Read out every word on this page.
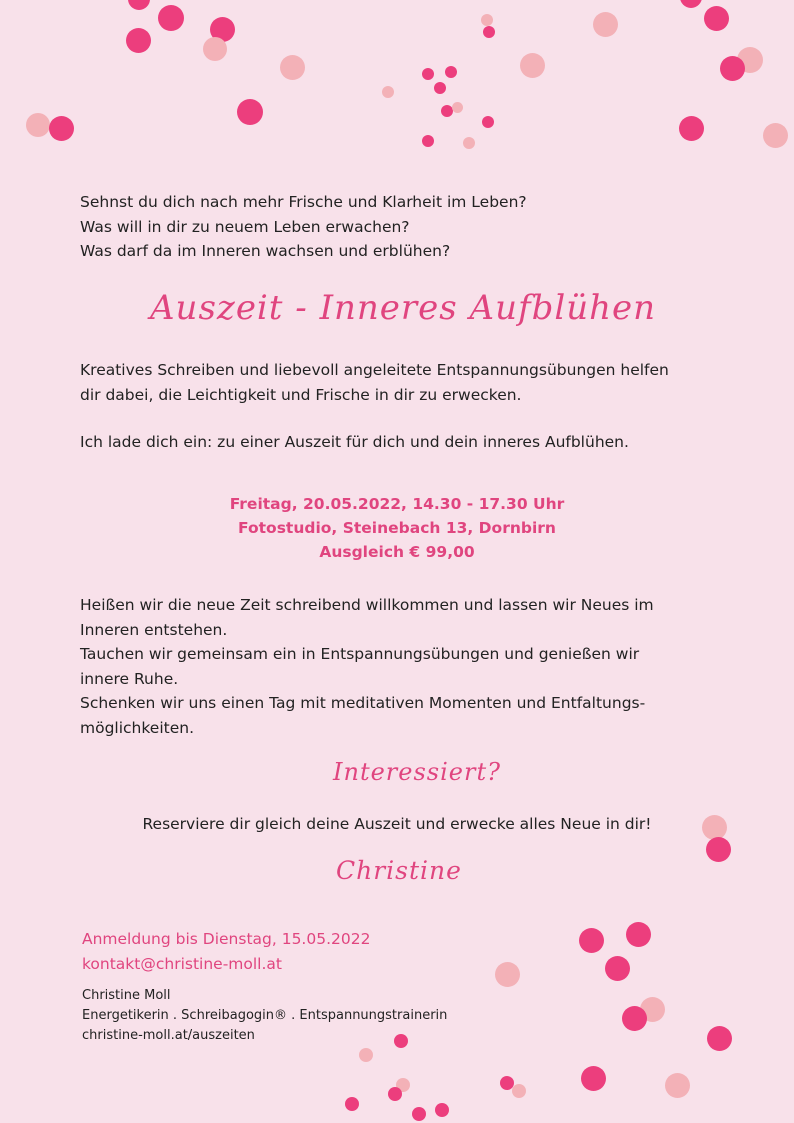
Sehnst du dich nach mehr Frische und Klarheit im Leben?
Was will in dir zu neuem Leben erwachen?
Was darf da im Inneren wachsen und erblühen?
Auszeit - Inneres Aufblühen
Kreatives Schreiben und liebevoll angeleitete Entspannungsübungen helfen
dir dabei, die Leichtigkeit und Frische in dir zu erwecken.
Ich lade dich ein: zu einer Auszeit für dich und dein inneres Aufblühen.
Freitag, 20.05.2022, 14.30 - 17.30 Uhr
Fotostudio, Steinebach 13, Dornbirn
Ausgleich € 99,00
Heißen wir die neue Zeit schreibend willkommen und lassen wir Neues im
Inneren entstehen.
Tauchen wir gemeinsam ein in Entspannungsübungen und genießen wir
innere Ruhe.
Schenken wir uns einen Tag mit meditativen Momenten und Entfaltungs-
möglichkeiten.
Interessiert?
Reserviere dir gleich deine Auszeit und erwecke alles Neue in dir!
Christine
Anmeldung bis Dienstag, 15.05.2022
kontakt@christine-moll.at
Christine Moll
Energetikerin . Schreibagogin® . Entspannungstrainerin
christine-moll.at/auszeiten
